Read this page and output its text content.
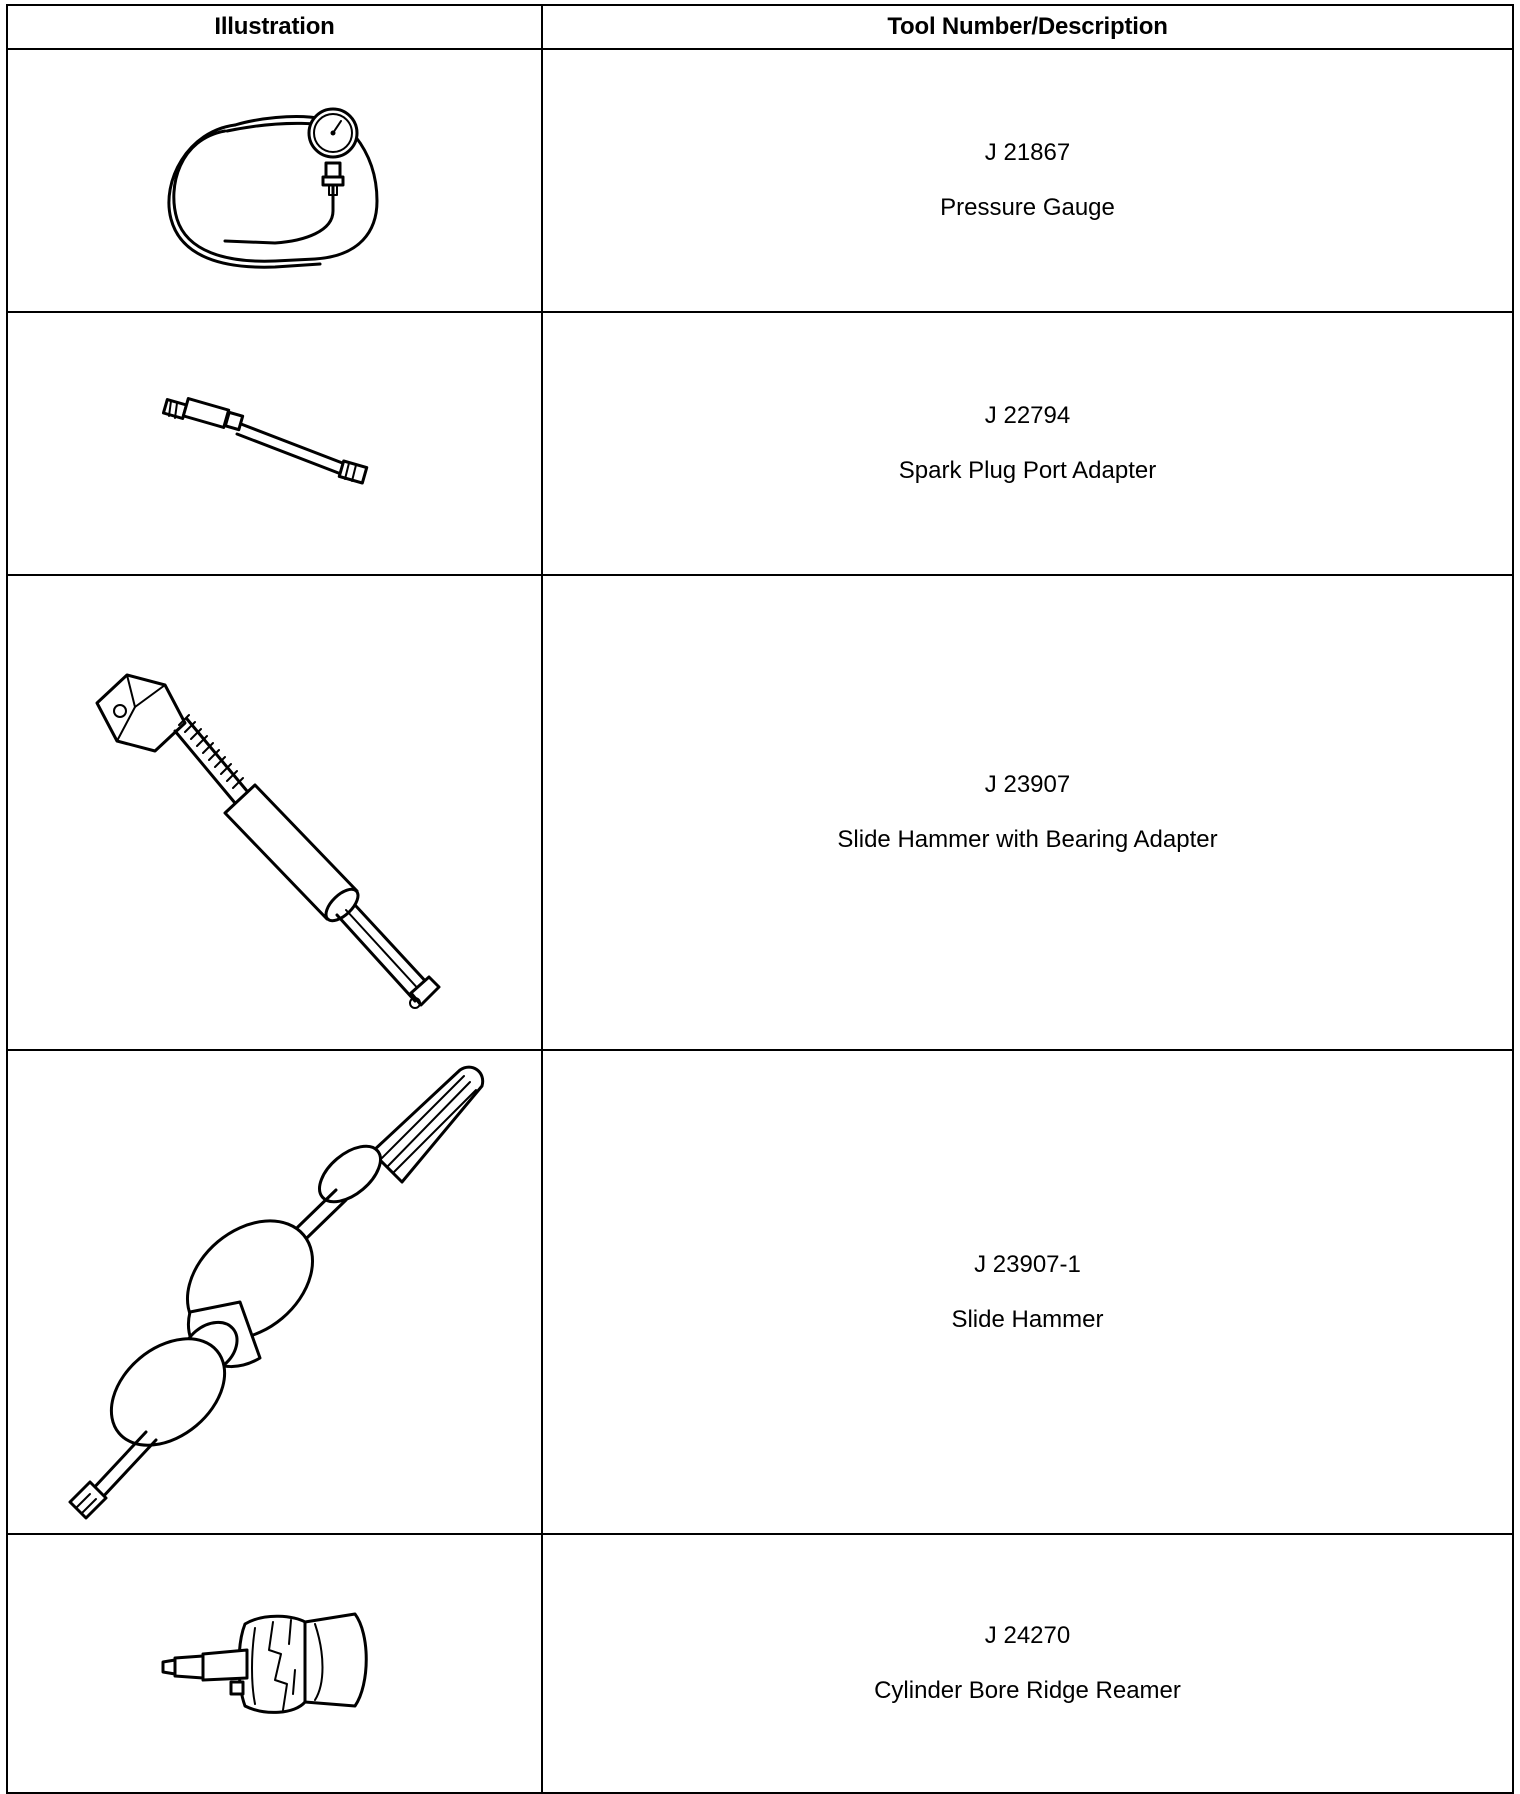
Illustration	Tool Number/Description

J 21867
Pressure Gauge

J 22794
Spark Plug Port Adapter

J 23907
Slide Hammer with Bearing Adapter

J 23907-1
Slide Hammer

J 24270
Cylinder Bore Ridge Reamer
